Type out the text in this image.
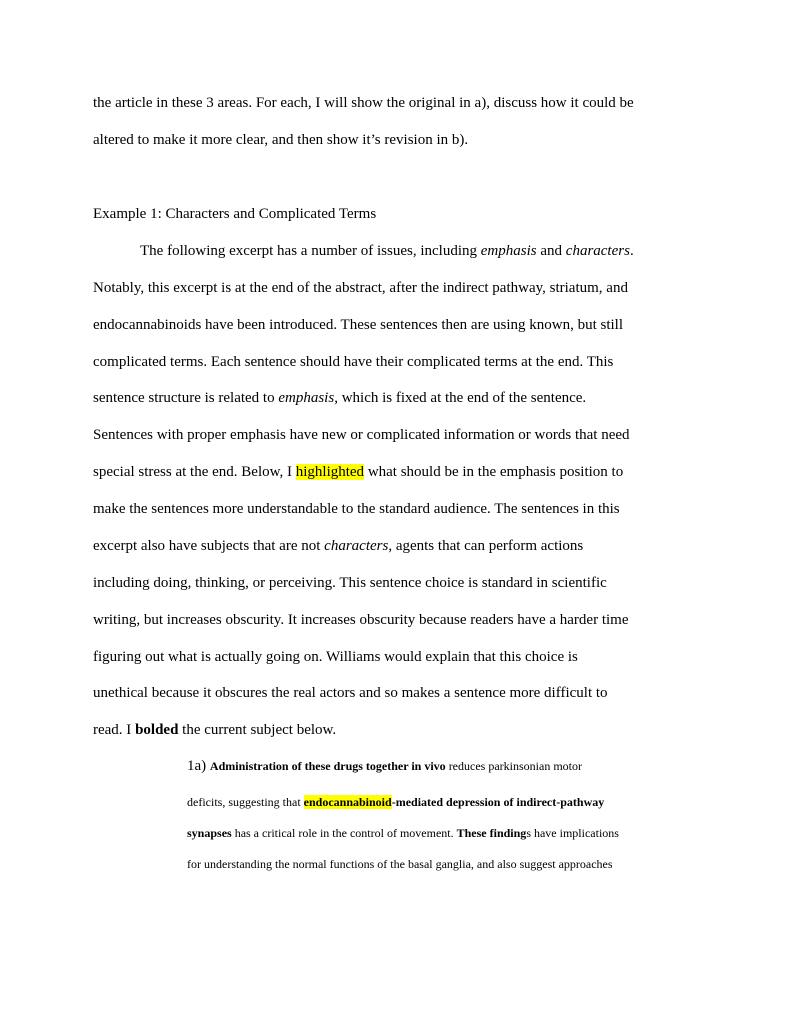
the article in these 3 areas. For each, I will show the original in a), discuss how it could be
altered to make it more clear, and then show it’s revision in b).
Example 1: Characters and Complicated Terms
The following excerpt has a number of issues, including emphasis and characters.
Notably, this excerpt is at the end of the abstract, after the indirect pathway, striatum, and
endocannabinoids have been introduced. These sentences then are using known, but still
complicated terms. Each sentence should have their complicated terms at the end. This
sentence structure is related to emphasis, which is fixed at the end of the sentence.
Sentences with proper emphasis have new or complicated information or words that need
special stress at the end. Below, I highlighted what should be in the emphasis position to
make the sentences more understandable to the standard audience. The sentences in this
excerpt also have subjects that are not characters, agents that can perform actions
including doing, thinking, or perceiving. This sentence choice is standard in scientific
writing, but increases obscurity. It increases obscurity because readers have a harder time
figuring out what is actually going on. Williams would explain that this choice is
unethical because it obscures the real actors and so makes a sentence more difficult to
read. I bolded the current subject below.
1a) Administration of these drugs together in vivo reduces parkinsonian motor
deficits, suggesting that endocannabinoid-mediated depression of indirect-pathway
synapses has a critical role in the control of movement. These findings have implications
for understanding the normal functions of the basal ganglia, and also suggest approaches
